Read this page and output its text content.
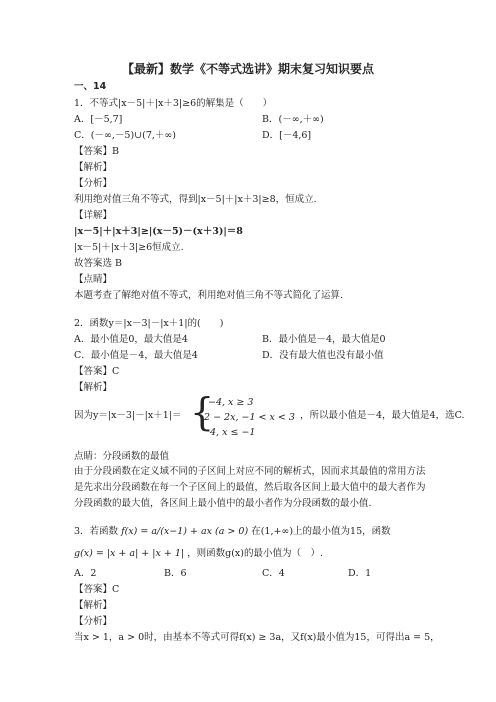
【最新】数学《不等式选讲》期末复习知识要点
一、14
1．不等式|x－5|＋|x＋3|≥6的解集是（　　）
A．[－5,7]	B．(－∞,＋∞)
C．(－∞,－5)∪(7,＋∞)	D．[－4,6]
【答案】B
【解析】
【分析】
利用绝对值三角不等式，得到|x－5|＋|x＋3|≥8，恒成立.
【详解】
|x－5|＋|x＋3|≥|(x－5)－(x＋3)|＝8
|x－5|＋|x＋3|≥6恒成立.
故答案选 B
【点睛】
本题考查了解绝对值不等式，利用绝对值三角不等式简化了运算.
2．函数y＝|x－3|－|x＋1|的(　　)
A．最小值是0，最大值是4	B．最小值是－4，最大值是0
C．最小值是－4，最大值是4	D．没有最大值也没有最小值
【答案】C
【解析】
因为y＝|x－3|－|x＋1|＝ {
−4, x ≥ 3
2 − 2x, −1 < x < 3
4, x ≤ −1
，所以最小值是－4，最大值是4，选C.
点睛：分段函数的最值
由于分段函数在定义域不同的子区间上对应不同的解析式，因而求其最值的常用方法是先求出分段函数在每一个子区间上的最值，然后取各区间上最大值中的最大者作为分段函数的最大值，各区间上最小值中的最小者作为分段函数的最小值.
3．若函数 f(x) = a/(x−1) + ax (a > 0) 在(1,+∞)上的最小值为15，函数
g(x) = |x + a| + |x + 1| ，则函数g(x)的最小值为（　）.
A．2	B．6	C．4	D．1
【答案】C
【解析】
【分析】
当x > 1，a > 0时，由基本不等式可得f(x) ≥ 3a，又f(x)最小值为15，可得出a = 5，
